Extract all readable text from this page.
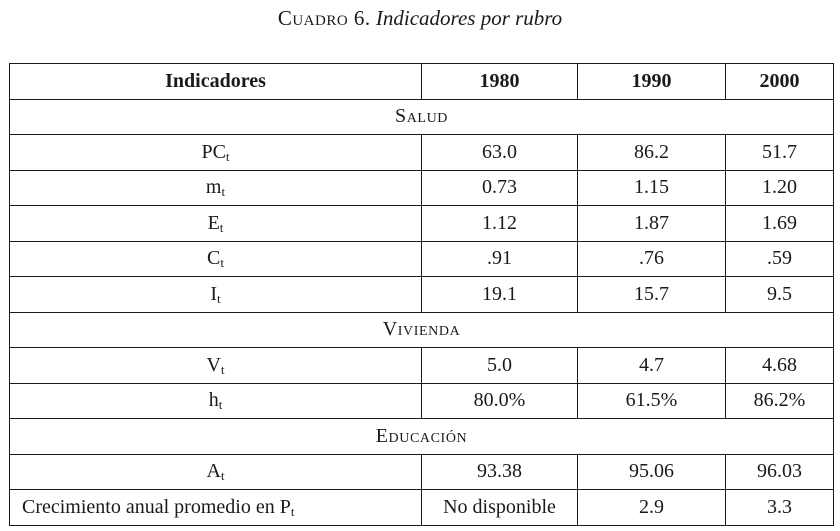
Cuadro 6. Indicadores por rubro
Indicadores	1980	1990	2000
Salud			
$PC_t$	63.0	86.2	51.7
$m_t$	0.73	1.15	1.20
$E_t$	1.12	1.87	1.69
$C_t$	.91	.76	.59
$I_t$	19.1	15.7	9.5
Vivienda			
$V_t$	5.0	4.7	4.68
$h_t$	80.0%	61.5%	86.2%
Educación			
$A_t$	93.38	95.06	96.03
Crecimiento anual promedio en $P_t$	No disponible	2.9	3.3
